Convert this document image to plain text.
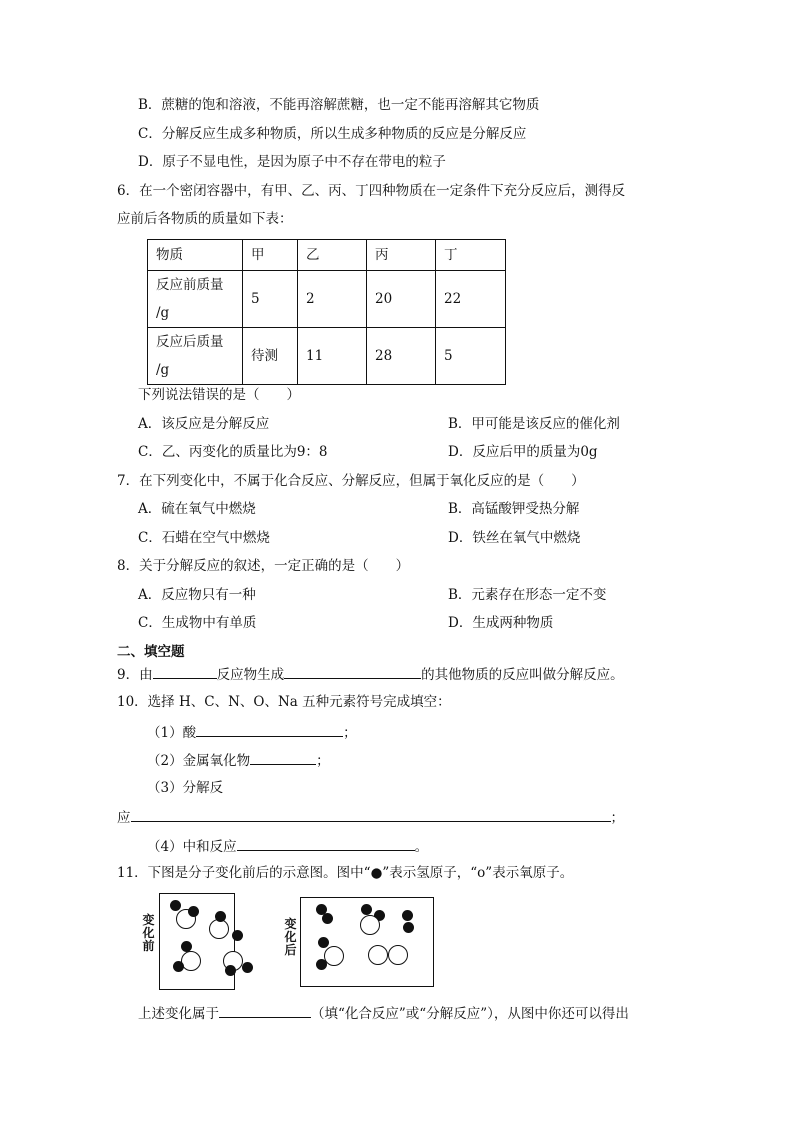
B．蔗糖的饱和溶液，不能再溶解蔗糖，也一定不能再溶解其它物质
C．分解反应生成多种物质，所以生成多种物质的反应是分解反应
D．原子不显电性，是因为原子中不存在带电的粒子
6．在一个密闭容器中，有甲、乙、丙、丁四种物质在一定条件下充分反应后，测得反
应前后各物质的质量如下表：
物质	甲	乙	丙	丁

反应前质量
/g	5	2	20	22

反应后质量
/g	待测	11	28	5
下列说法错误的是（　　）
A．该反应是分解反应	B．甲可能是该反应的催化剂
C．乙、丙变化的质量比为9：8	D．反应后甲的质量为0g
7．在下列变化中，不属于化合反应、分解反应，但属于氧化反应的是（　　）
A．硫在氧气中燃烧	B．高锰酸钾受热分解
C．石蜡在空气中燃烧	D．铁丝在氧气中燃烧
8．关于分解反应的叙述，一定正确的是（　　）
A．反应物只有一种	B．元素存在形态一定不变
C．生成物中有单质	D．生成两种物质
二、填空题
9．由	反应物生成	的其他物质的反应叫做分解反应。
10．选择 H、C、N、O、Na 五种元素符号完成填空：
（1）酸	；
（2）金属氧化物	；
（3）分解反
应	；
（4）中和反应	。
11．下图是分子变化前后的示意图。图中“●”表示氢原子，“o”表示氧原子。
变
化
前
变
化
后
上述变化属于	（填“化合反应”或“分解反应”），从图中你还可以得出
